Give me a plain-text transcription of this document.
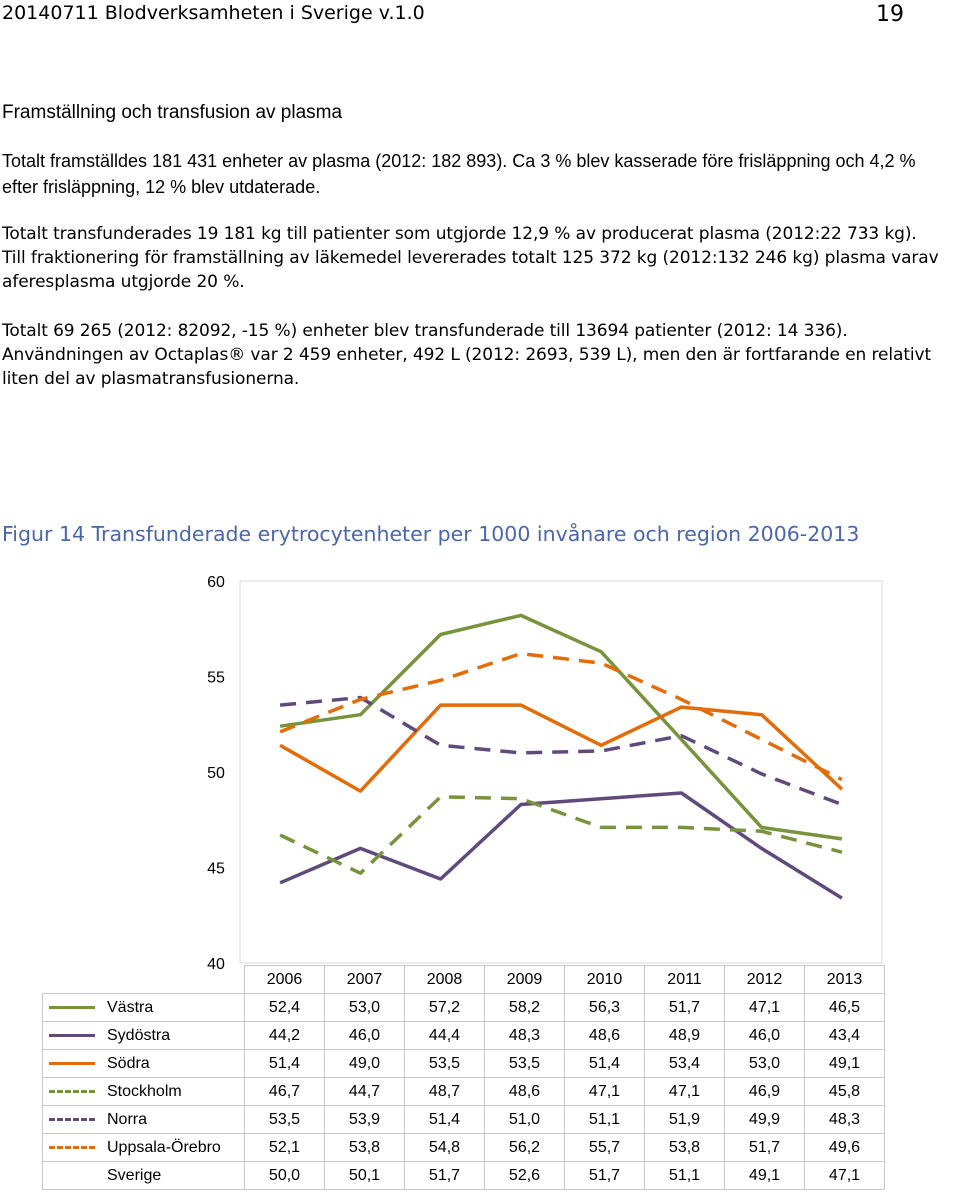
20140711 Blodverksamheten i Sverige v.1.0	19
Framställning och transfusion av plasma

Totalt framställdes 181 431 enheter av plasma (2012: 182 893). Ca 3 % blev kasserade före frisläppning och 4,2 % efter frisläppning, 12 % blev utdaterade.

Totalt transfunderades 19 181 kg till patienter som utgjorde 12,9 % av producerat plasma (2012:22 733 kg). Till fraktionering för framställning av läkemedel levererades totalt 125 372 kg (2012:132 246 kg) plasma varav aferesplasma utgjorde 20 %.

Totalt 69 265 (2012: 82092, -15 %) enheter blev transfunderade till 13694 patienter (2012: 14 336). Användningen av Octaplas® var 2 459 enheter, 492 L (2012: 2693, 539 L), men den är fortfarande en relativt liten del av plasmatransfusionerna.

Figur 14 Transfunderade erytrocytenheter per 1000 invånare och region 2006-2013
40
45
50
55
60
	2006	2007	2008	2009	2010	2011	2012	2013
Västra	52,4	53,0	57,2	58,2	56,3	51,7	47,1	46,5
Sydöstra	44,2	46,0	44,4	48,3	48,6	48,9	46,0	43,4
Södra	51,4	49,0	53,5	53,5	51,4	53,4	53,0	49,1
Stockholm	46,7	44,7	48,7	48,6	47,1	47,1	46,9	45,8
Norra	53,5	53,9	51,4	51,0	51,1	51,9	49,9	48,3
Uppsala-Örebro	52,1	53,8	54,8	56,2	55,7	53,8	51,7	49,6
Sverige	50,0	50,1	51,7	52,6	51,7	51,1	49,1	47,1
